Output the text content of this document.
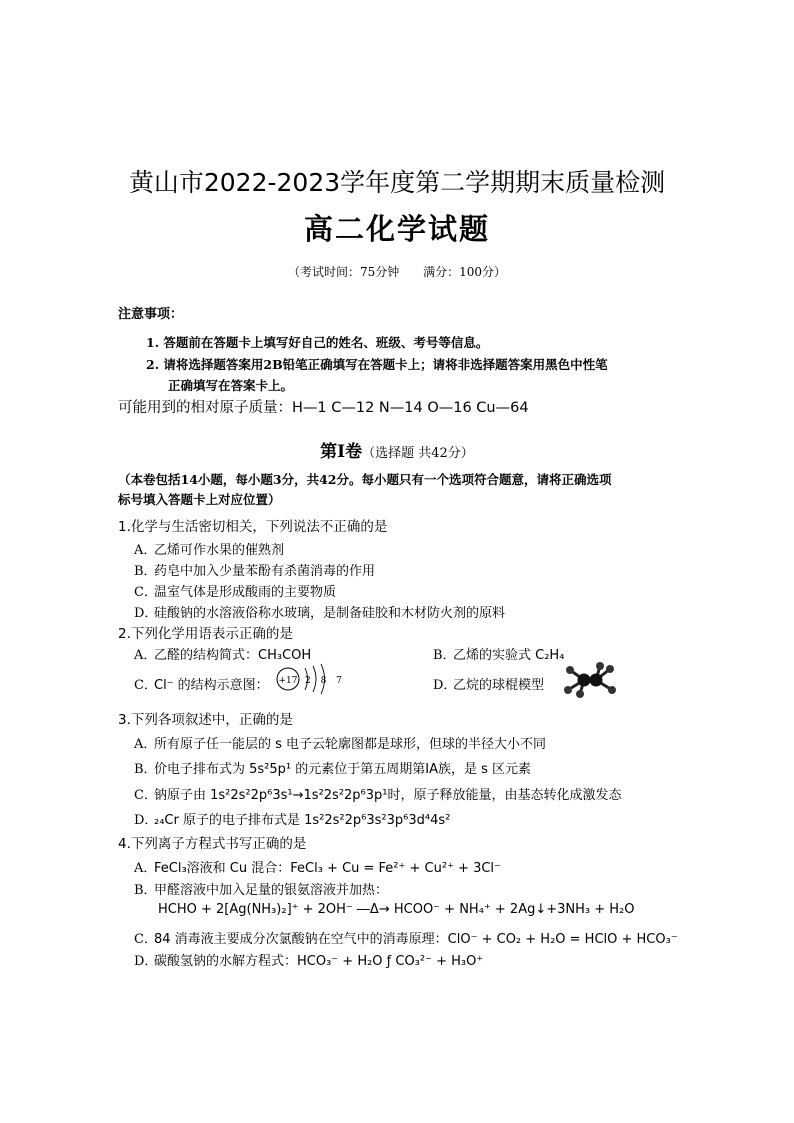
黄山市2022-2023学年度第二学期期末质量检测
高二化学试题
（考试时间：75分钟 满分：100分）
注意事项：
1. 答题前在答题卡上填写好自己的姓名、班级、考号等信息。
2. 请将选择题答案用2B铅笔正确填写在答题卡上；请将非选择题答案用黑色中性笔
正确填写在答案卡上。
可能用到的相对原子质量：H—1 C—12 N—14 O—16 Cu—64
第Ⅰ卷（选择题 共42分）
（本卷包括14小题，每小题3分，共42分。每小题只有一个选项符合题意，请将正确选项
标号填入答题卡上对应位置）
1.化学与生活密切相关，下列说法不正确的是
A．乙烯可作水果的催熟剂
B．药皂中加入少量苯酚有杀菌消毒的作用
C．温室气体是形成酸雨的主要物质
D．硅酸钠的水溶液俗称水玻璃，是制备硅胶和木材防火剂的原料
2.下列化学用语表示正确的是
A．乙醛的结构简式：CH₃COH	B．乙烯的实验式 C₂H₄
C．Cl⁻ 的结构示意图： +17 2 8 7	D．乙烷的球棍模型
3.下列各项叙述中，正确的是
A．所有原子任一能层的 s 电子云轮廓图都是球形，但球的半径大小不同
B．价电子排布式为 5s²5p¹ 的元素位于第五周期第ⅠA族，是 s 区元素
C．钠原子由 1s²2s²2p⁶3s¹→1s²2s²2p⁶3p¹时，原子释放能量，由基态转化成激发态
D．₂₄Cr 原子的电子排布式是 1s²2s²2p⁶3s²3p⁶3d⁴4s²
4.下列离子方程式书写正确的是
A．FeCl₃溶液和 Cu 混合：FeCl₃ + Cu = Fe²⁺ + Cu²⁺ + 3Cl⁻
B．甲醛溶液中加入足量的银氨溶液并加热：
HCHO + 2[Ag(NH₃)₂]⁺ + 2OH⁻ ―Δ→ HCOO⁻ + NH₄⁺ + 2Ag↓+3NH₃ + H₂O
C．84 消毒液主要成分次氯酸钠在空气中的消毒原理：ClO⁻ + CO₂ + H₂O = HClO + HCO₃⁻
D．碳酸氢钠的水解方程式：HCO₃⁻ + H₂O ƒ CO₃²⁻ + H₃O⁺
